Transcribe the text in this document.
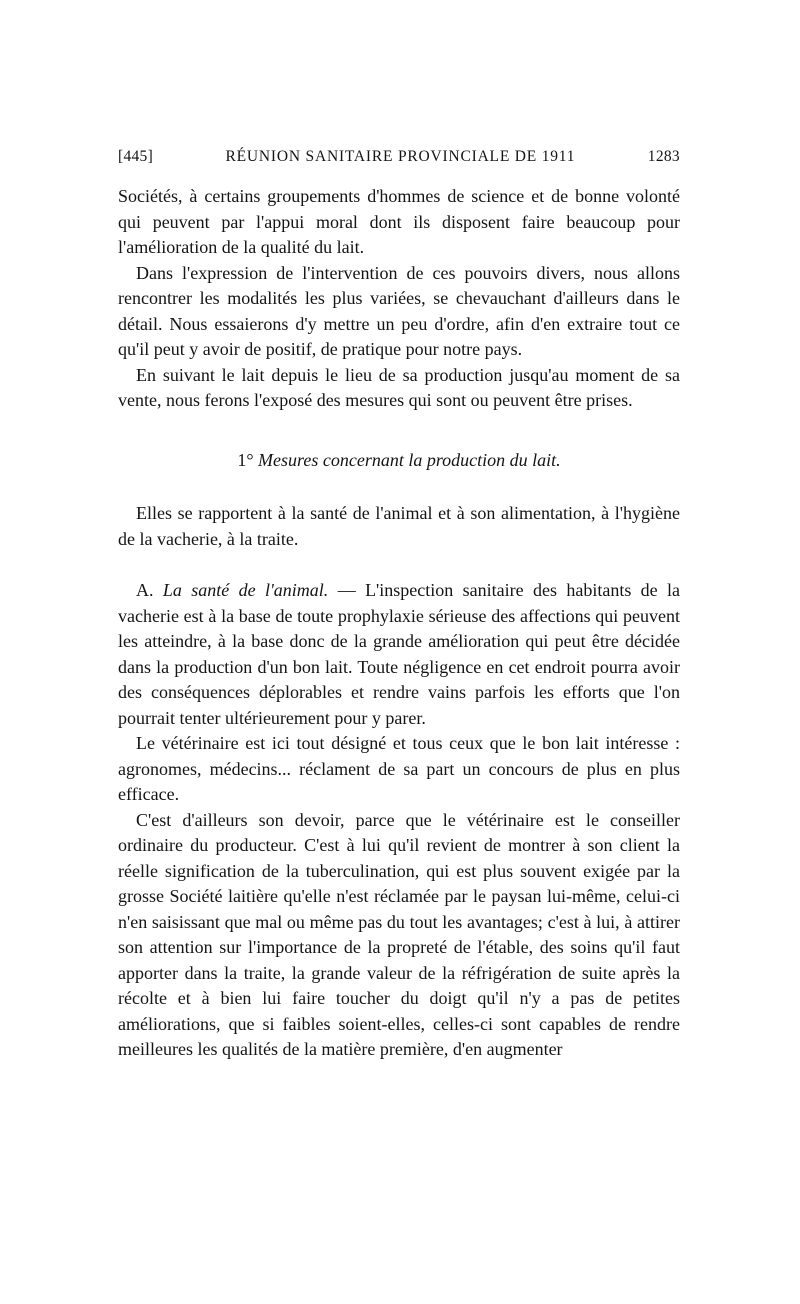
[445]	RÉUNION SANITAIRE PROVINCIALE DE 1911	1283

Sociétés, à certains groupements d'hommes de science et de bonne volonté qui peuvent par l'appui moral dont ils disposent faire beaucoup pour l'amélioration de la qualité du lait.

Dans l'expression de l'intervention de ces pouvoirs divers, nous allons rencontrer les modalités les plus variées, se chevauchant d'ailleurs dans le détail. Nous essaierons d'y mettre un peu d'ordre, afin d'en extraire tout ce qu'il peut y avoir de positif, de pratique pour notre pays.

En suivant le lait depuis le lieu de sa production jusqu'au moment de sa vente, nous ferons l'exposé des mesures qui sont ou peuvent être prises.

1° Mesures concernant la production du lait.

Elles se rapportent à la santé de l'animal et à son alimentation, à l'hygiène de la vacherie, à la traite.

A. La santé de l'animal. — L'inspection sanitaire des habitants de la vacherie est à la base de toute prophylaxie sérieuse des affections qui peuvent les atteindre, à la base donc de la grande amélioration qui peut être décidée dans la production d'un bon lait. Toute négligence en cet endroit pourra avoir des conséquences déplorables et rendre vains parfois les efforts que l'on pourrait tenter ultérieurement pour y parer.

Le vétérinaire est ici tout désigné et tous ceux que le bon lait intéresse : agronomes, médecins... réclament de sa part un concours de plus en plus efficace.

C'est d'ailleurs son devoir, parce que le vétérinaire est le conseiller ordinaire du producteur. C'est à lui qu'il revient de montrer à son client la réelle signification de la tuberculination, qui est plus souvent exigée par la grosse Société laitière qu'elle n'est réclamée par le paysan lui-même, celui-ci n'en saisissant que mal ou même pas du tout les avantages; c'est à lui, à attirer son attention sur l'importance de la propreté de l'étable, des soins qu'il faut apporter dans la traite, la grande valeur de la réfrigération de suite après la récolte et à bien lui faire toucher du doigt qu'il n'y a pas de petites améliorations, que si faibles soient-elles, celles-ci sont capables de rendre meilleures les qualités de la matière première, d'en augmenter
